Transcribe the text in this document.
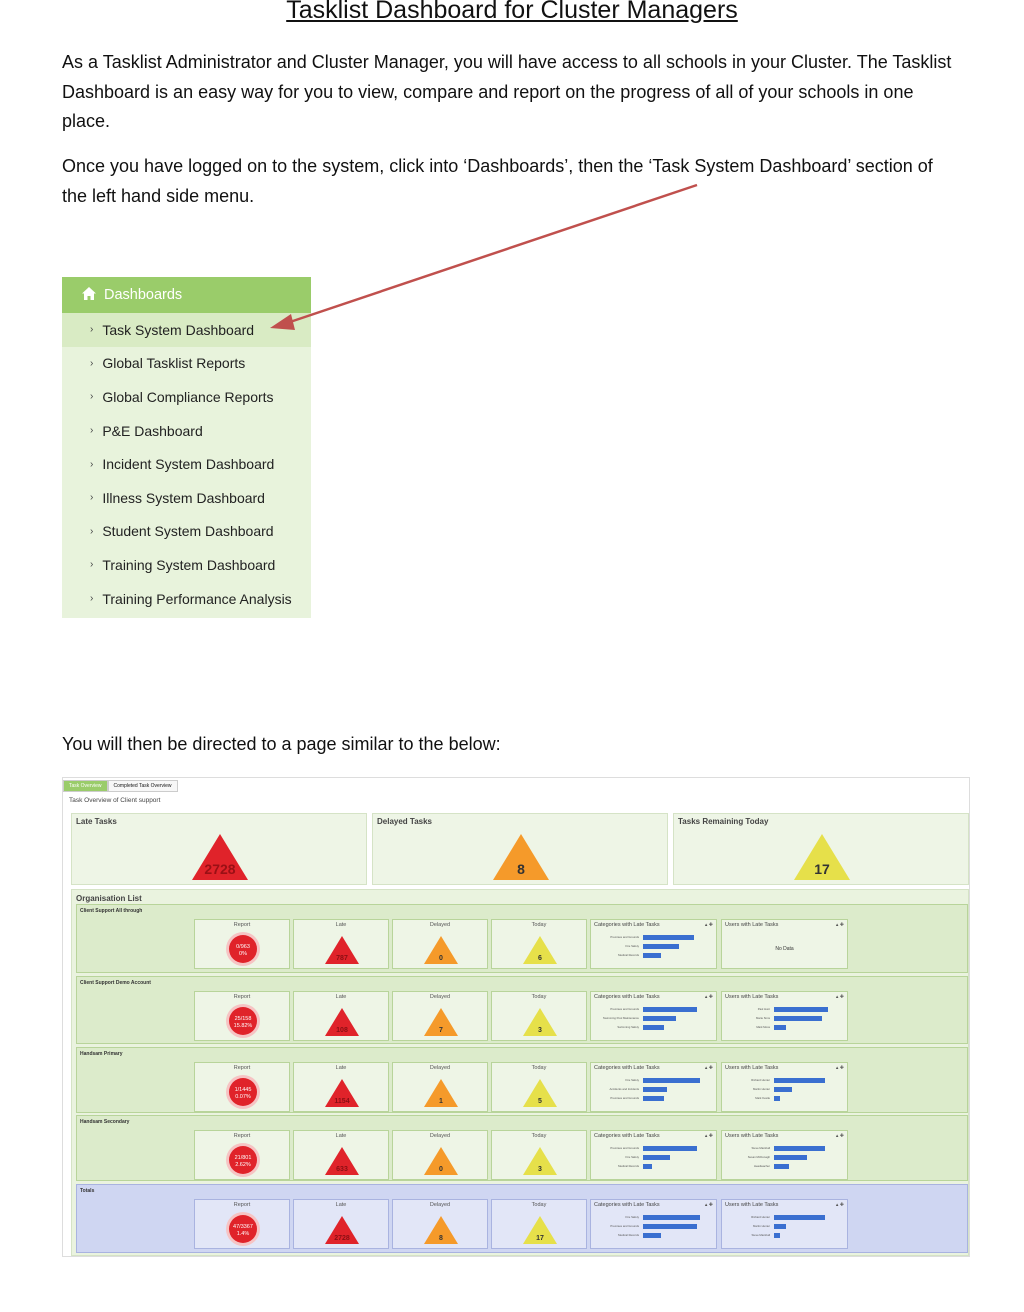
Tasklist Dashboard for Cluster Managers
As a Tasklist Administrator and Cluster Manager, you will have access to all schools in your Cluster. The Tasklist Dashboard is an easy way for you to view, compare and report on the progress of all of your schools in one place.
Once you have logged on to the system, click into ‘Dashboards’, then the ‘Task System Dashboard’ section of the left hand side menu.
Dashboards
› Task System Dashboard
› Global Tasklist Reports
› Global Compliance Reports
› P&E Dashboard
› Incident System Dashboard
› Illness System Dashboard
› Student System Dashboard
› Training System Dashboard
› Training Performance Analysis
You will then be directed to a page similar to the below:
Task Overview	Completed Task Overview
Task Overview of Client support
Late Tasks
2728
Delayed Tasks
8
Tasks Remaining Today
17
Organisation List
Client Support All through
Report
0/963
0%
Late
787
Delayed
0
Today
6
Categories with Late Tasks	▴ ✚
Premises and Grounds
Fire Safety
Medical Records
Users with Late Tasks	▴ ✚
No Data
Client Support Demo Account
Report
25/158
15.82%
Late
108
Delayed
7
Today
3
Categories with Late Tasks	▴ ✚
Premises and Grounds
Swimming Pool Maintenance
Swimming Safety
Users with Late Tasks	▴ ✚
Paul Hunt
Marie Sims
Mark Moss
Handsam Primary
Report
1/1445
0.07%
Late
1154
Delayed
1
Today
5
Categories with Late Tasks	▴ ✚
Fire Safety
Accidents and Incidents
Premises and Grounds
Users with Late Tasks	▴ ✚
Richard Hunter
Martin Hunter
Mark Kestle
Handsam Secondary
Report
21/801
2.62%
Late
633
Delayed
0
Today
3
Categories with Late Tasks	▴ ✚
Premises and Grounds
Fire Safety
Medical Records
Users with Late Tasks	▴ ✚
Steve Marshall
Susan McDonagh
Headteacher
Totals
Report
47/3367
1.4%
Late
2728
Delayed
8
Today
17
Categories with Late Tasks	▴ ✚
Fire Safety
Premises and Grounds
Medical Records
Users with Late Tasks	▴ ✚
Richard Hunter
Martin Hunter
Steve Marshall
